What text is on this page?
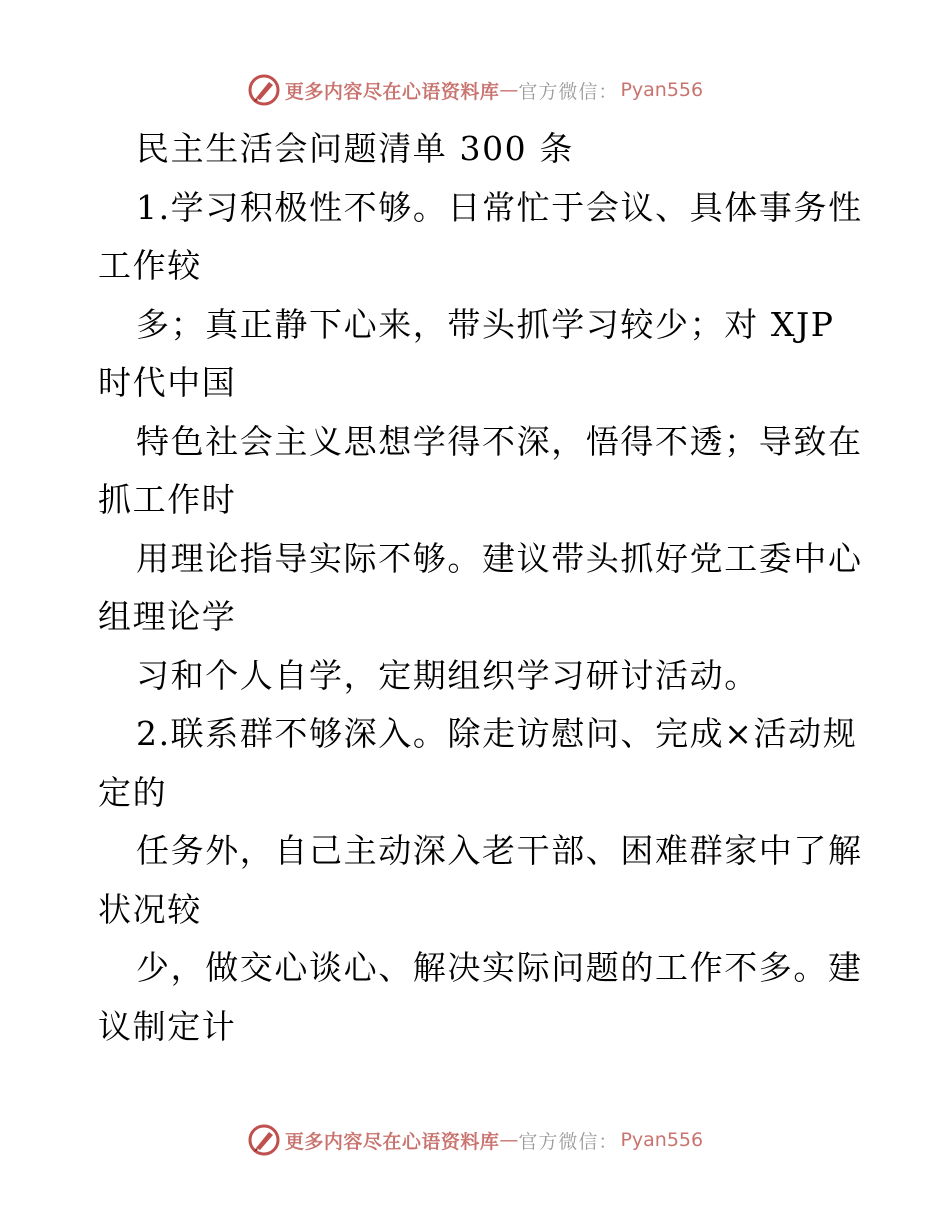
更多内容尽在心语资料库 — 官方微信： Pyan556
民主生活会问题清单 300 条
1.学习积极性不够。日常忙于会议、具体事务性
工作较
多；真正静下心来，带头抓学习较少；对 XJP
时代中国
特色社会主义思想学得不深，悟得不透；导致在
抓工作时
用理论指导实际不够。建议带头抓好党工委中心
组理论学
习和个人自学，定期组织学习研讨活动。
2.联系群不够深入。除走访慰问、完成×活动规
定的
任务外，自己主动深入老干部、困难群家中了解
状况较
少，做交心谈心、解决实际问题的工作不多。建
议制定计
更多内容尽在心语资料库 — 官方微信： Pyan556
